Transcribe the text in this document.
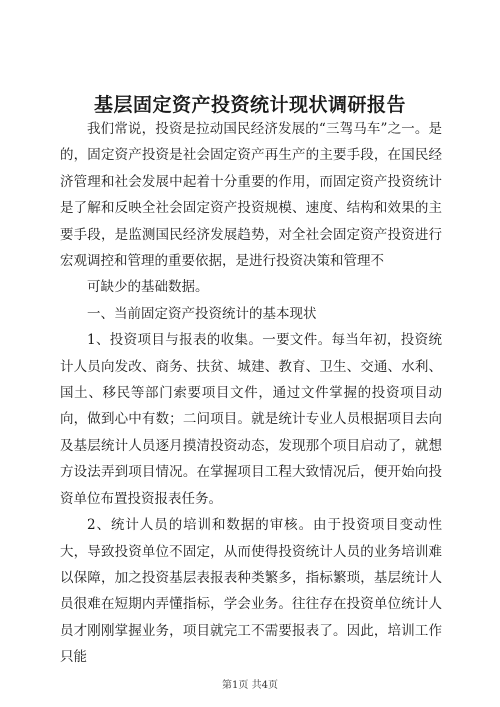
基层固定资产投资统计现状调研报告

我们常说，投资是拉动国民经济发展的“三驾马车”之一。是的，固定资产投资是社会固定资产再生产的主要手段，在国民经济管理和社会发展中起着十分重要的作用，而固定资产投资统计是了解和反映全社会固定资产投资规模、速度、结构和效果的主要手段，是监测国民经济发展趋势，对全社会固定资产投资进行宏观调控和管理的重要依据，是进行投资决策和管理不

可缺少的基础数据。

一、当前固定资产投资统计的基本现状

1、投资项目与报表的收集。一要文件。每当年初，投资统计人员向发改、商务、扶贫、城建、教育、卫生、交通、水利、国土、移民等部门索要项目文件，通过文件掌握的投资项目动向，做到心中有数；二问项目。就是统计专业人员根据项目去向及基层统计人员逐月摸清投资动态，发现那个项目启动了，就想方设法弄到项目情况。在掌握项目工程大致情况后，便开始向投资单位布置投资报表任务。

2、统计人员的培训和数据的审核。由于投资项目变动性大，导致投资单位不固定，从而使得投资统计人员的业务培训难以保障，加之投资基层表报表种类繁多，指标繁琐，基层统计人员很难在短期内弄懂指标，学会业务。往往存在投资单位统计人员才刚刚掌握业务，项目就完工不需要报表了。因此，培训工作只能

第1页 共4页
